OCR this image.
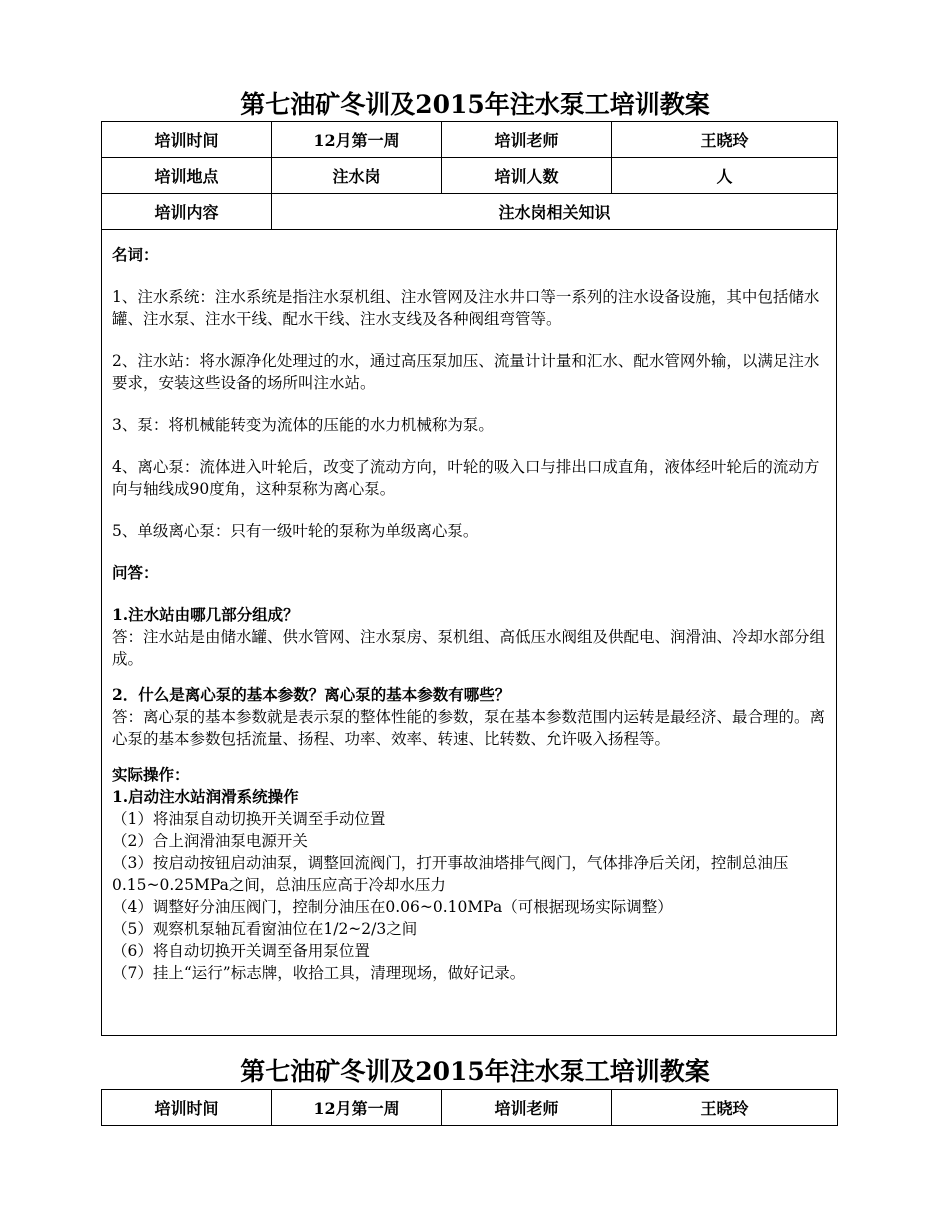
第七油矿冬训及2015年注水泵工培训教案
培训时间	12月第一周	培训老师	王晓玲
培训地点	注水岗	培训人数	人
培训内容	注水岗相关知识		

名词：

1、注水系统：注水系统是指注水泵机组、注水管网及注水井口等一系列的注水设备设施，其中包括储水罐、注水泵、注水干线、配水干线、注水支线及各种阀组弯管等。

2、注水站：将水源净化处理过的水，通过高压泵加压、流量计计量和汇水、配水管网外输，以满足注水要求，安装这些设备的场所叫注水站。

3、泵：将机械能转变为流体的压能的水力机械称为泵。

4、离心泵：流体进入叶轮后，改变了流动方向，叶轮的吸入口与排出口成直角，液体经叶轮后的流动方向与轴线成90度角，这种泵称为离心泵。

5、单级离心泵：只有一级叶轮的泵称为单级离心泵。

问答：

1.注水站由哪几部分组成？

答：注水站是由储水罐、供水管网、注水泵房、泵机组、高低压水阀组及供配电、润滑油、冷却水部分组成。

2．什么是离心泵的基本参数？离心泵的基本参数有哪些？

答：离心泵的基本参数就是表示泵的整体性能的参数，泵在基本参数范围内运转是最经济、最合理的。离心泵的基本参数包括流量、扬程、功率、效率、转速、比转数、允许吸入扬程等。

实际操作：

1.启动注水站润滑系统操作

（1）将油泵自动切换开关调至手动位置

（2）合上润滑油泵电源开关

（3）按启动按钮启动油泵，调整回流阀门，打开事故油塔排气阀门，气体排净后关闭，控制总油压0.15~0.25MPa之间，总油压应高于冷却水压力

（4）调整好分油压阀门，控制分油压在0.06~0.10MPa（可根据现场实际调整）

（5）观察机泵轴瓦看窗油位在1/2~2/3之间

（6）将自动切换开关调至备用泵位置

（7）挂上“运行”标志牌，收拾工具，清理现场，做好记录。

第七油矿冬训及2015年注水泵工培训教案
培训时间	12月第一周	培训老师	王晓玲
